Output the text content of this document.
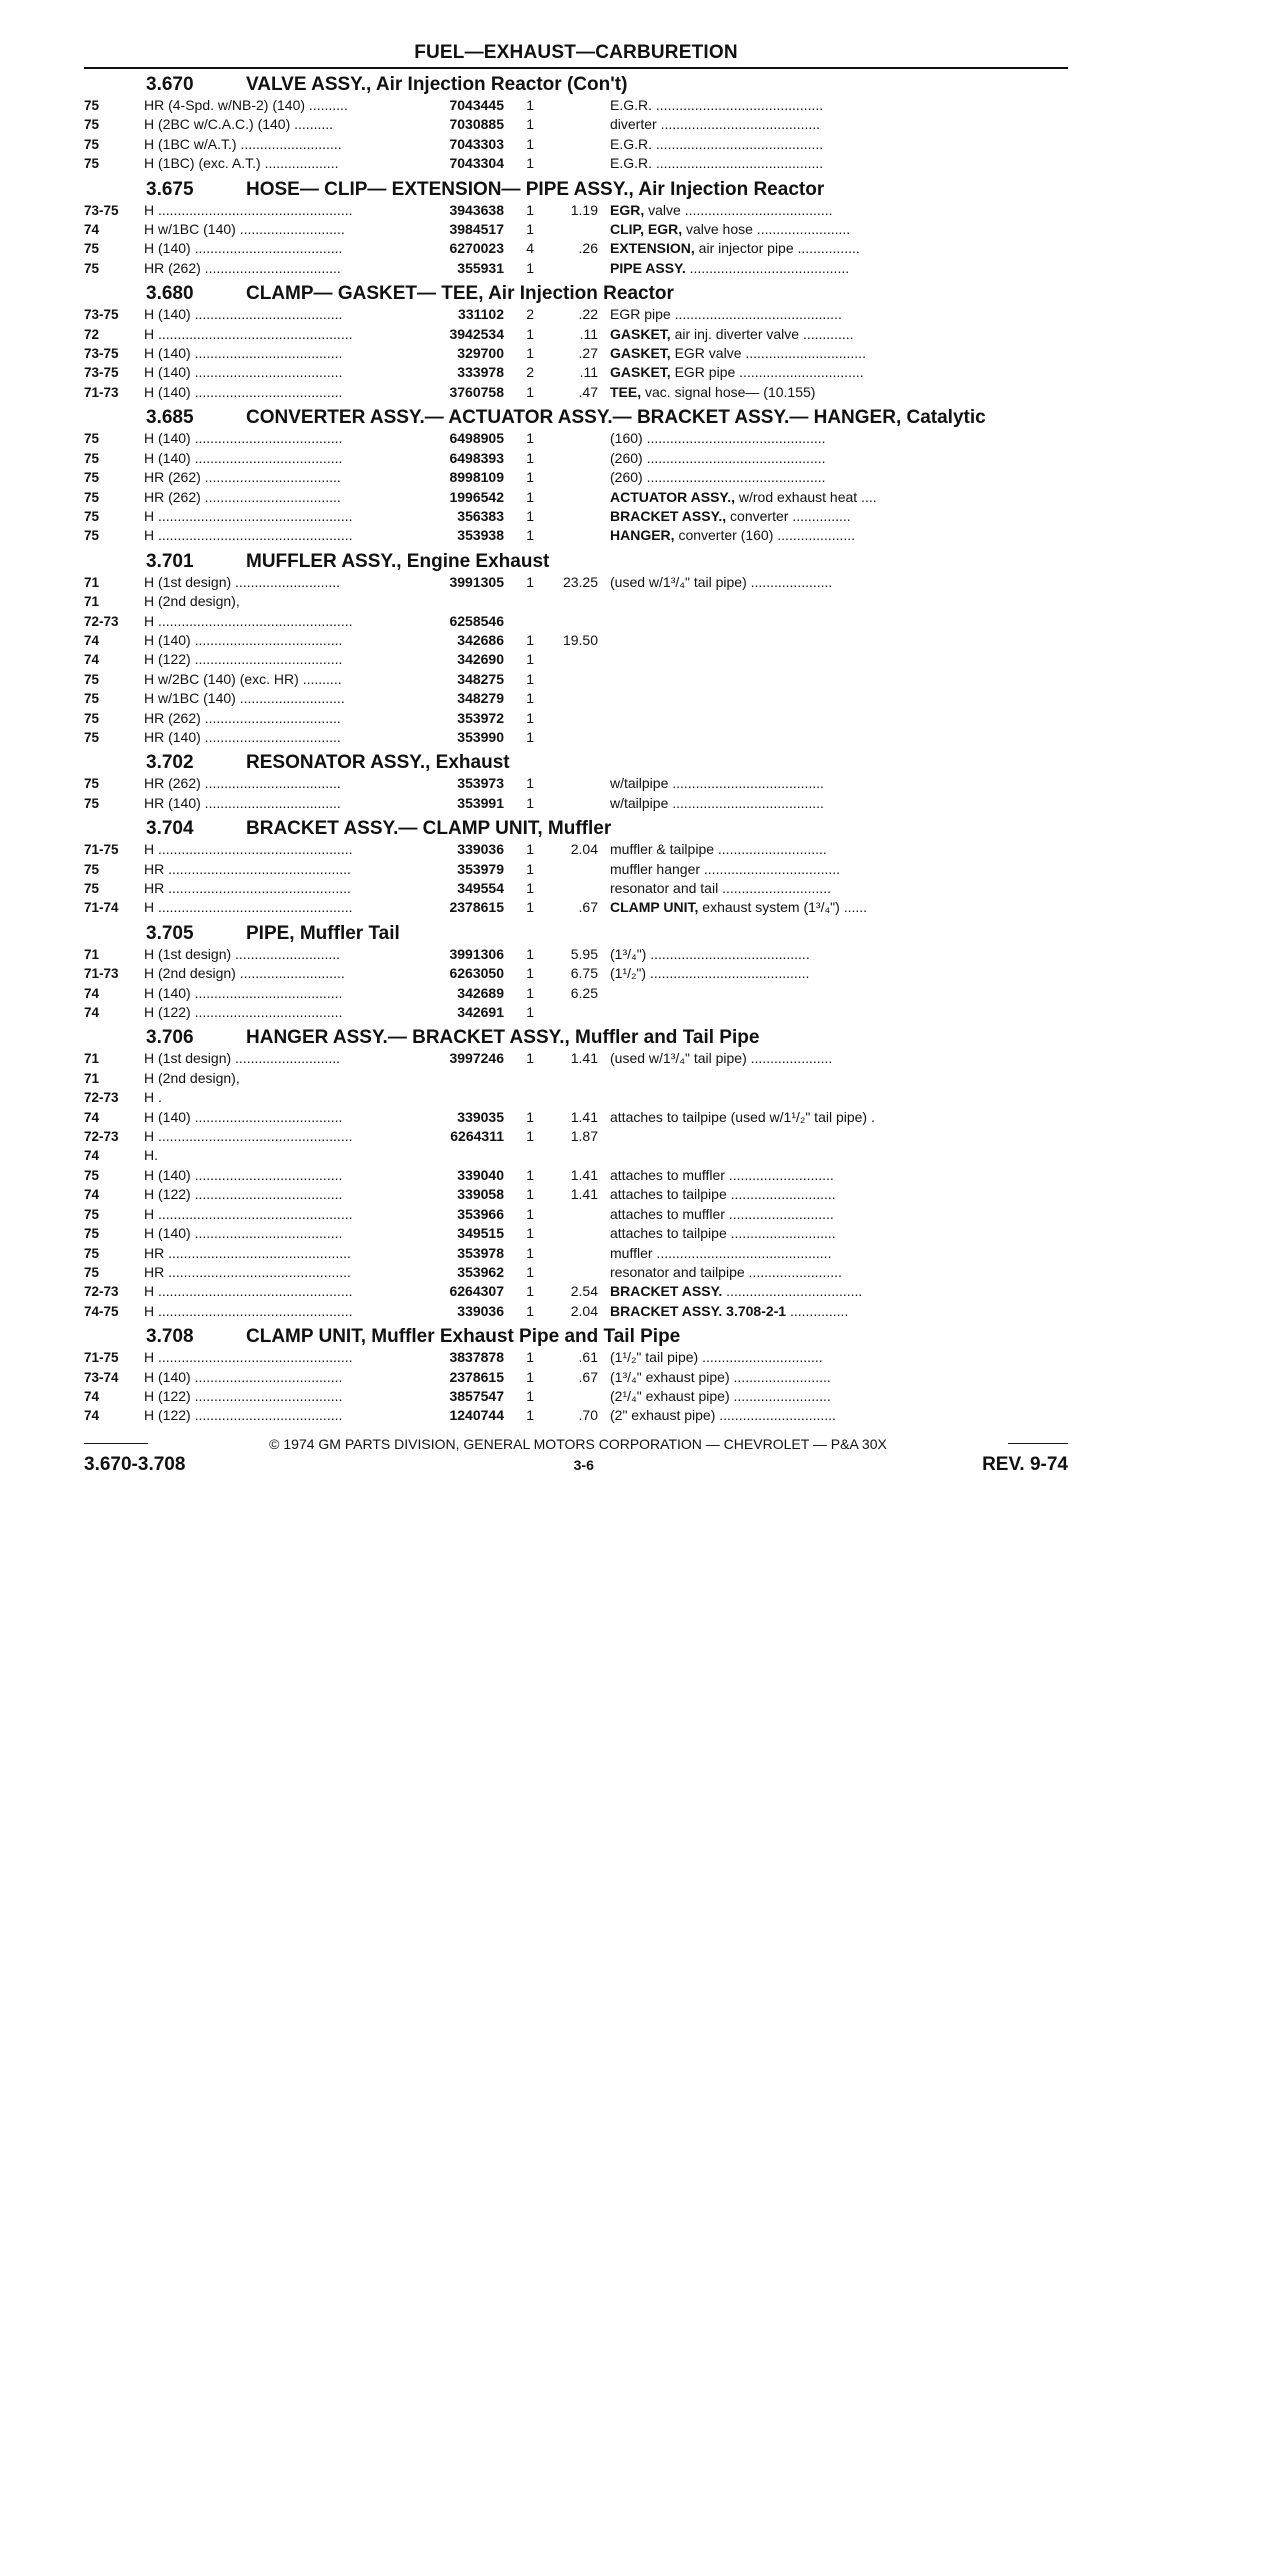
FUEL—EXHAUST—CARBURETION
3.670	VALVE ASSY., Air Injection Reactor (Con't)
75	HR (4-Spd. w/NB-2) (140) ..........	7043445	1	E.G.R. ...........................................
75	H (2BC w/C.A.C.) (140) ..........	7030885	1	diverter .........................................
75	H (1BC w/A.T.) ..........................	7043303	1	E.G.R. ...........................................
75	H (1BC) (exc. A.T.) ...................	7043304	1	E.G.R. ...........................................
3.675	HOSE— CLIP— EXTENSION— PIPE ASSY., Air Injection Reactor
73-75	H ..................................................	3943638	1	1.19 EGR, valve ......................................
74	H w/1BC (140) ...........................	3984517	1	CLIP, EGR, valve hose ........................
75	H (140) ......................................	6270023	4	.26 EXTENSION, air injector pipe ................
75	HR (262) ...................................	355931	1	PIPE ASSY. .........................................
3.680	CLAMP— GASKET— TEE, Air Injection Reactor
73-75	H (140) ......................................	331102	2	.22 EGR pipe ...........................................
72	H ..................................................	3942534	1	.11 GASKET, air inj. diverter valve .............
73-75	H (140) ......................................	329700	1	.27 GASKET, EGR valve ...............................
73-75	H (140) ......................................	333978	2	.11 GASKET, EGR pipe ................................
71-73	H (140) ......................................	3760758	1	.47 TEE, vac. signal hose— (10.155)
3.685	CONVERTER ASSY.— ACTUATOR ASSY.— BRACKET ASSY.— HANGER, Catalytic
75	H (140) ......................................	6498905	1	(160) ..............................................
75	H (140) ......................................	6498393	1	(260) ..............................................
75	HR (262) ...................................	8998109	1	(260) ..............................................
75	HR (262) ...................................	1996542	1	ACTUATOR ASSY., w/rod exhaust heat ....
75	H ..................................................	356383	1	BRACKET ASSY., converter ...............
75	H ..................................................	353938	1	HANGER, converter (160) ....................
3.701	MUFFLER ASSY., Engine Exhaust
71	H (1st design) ...........................	3991305	1	23.25 (used w/1³/₄" tail pipe) .....................
71	H (2nd design),
72-73	H ..................................................	6258546
74	H (140) ......................................	342686	1	19.50
74	H (122) ......................................	342690	1
75	H w/2BC (140) (exc. HR) ..........	348275	1
75	H w/1BC (140) ...........................	348279	1
75	HR (262) ...................................	353972	1
75	HR (140) ...................................	353990	1
3.702	RESONATOR ASSY., Exhaust
75	HR (262) ...................................	353973	1	w/tailpipe .......................................
75	HR (140) ...................................	353991	1	w/tailpipe .......................................
3.704	BRACKET ASSY.— CLAMP UNIT, Muffler
71-75	H ..................................................	339036	1	2.04 muffler & tailpipe ............................
75	HR ...............................................	353979	1	muffler hanger ...................................
75	HR ...............................................	349554	1	resonator and tail ............................
71-74	H ..................................................	2378615	1	.67 CLAMP UNIT, exhaust system (1³/₄") ......
3.705	PIPE, Muffler Tail
71	H (1st design) ...........................	3991306	1	5.95 (1³/₄") .........................................
71-73	H (2nd design) ...........................	6263050	1	6.75 (1¹/₂") .........................................
74	H (140) ......................................	342689	1	6.25
74	H (122) ......................................	342691	1
3.706	HANGER ASSY.— BRACKET ASSY., Muffler and Tail Pipe
71	H (1st design) ...........................	3997246	1	1.41 (used w/1³/₄" tail pipe) .....................
71	H (2nd design),
72-73	H .
74	H (140) ......................................	339035	1	1.41 attaches to tailpipe (used w/1¹/₂" tail pipe) .
72-73	H ..................................................	6264311	1	1.87
74	H.
75	H (140) ......................................	339040	1	1.41 attaches to muffler ...........................
74	H (122) ......................................	339058	1	1.41 attaches to tailpipe ...........................
75	H ..................................................	353966	1	attaches to muffler ...........................
75	H (140) ......................................	349515	1	attaches to tailpipe ...........................
75	HR ...............................................	353978	1	muffler .............................................
75	HR ...............................................	353962	1	resonator and tailpipe ........................
72-73	H ..................................................	6264307	1	2.54 BRACKET ASSY. ...................................
74-75	H ..................................................	339036	1	2.04 BRACKET ASSY. 3.708-2-1 ...............
3.708	CLAMP UNIT, Muffler Exhaust Pipe and Tail Pipe
71-75	H ..................................................	3837878	1	.61 (1¹/₂" tail pipe) ...............................
73-74	H (140) ......................................	2378615	1	.67 (1³/₄" exhaust pipe) .........................
74	H (122) ......................................	3857547	1	(2¹/₄" exhaust pipe) .........................
74	H (122) ......................................	1240744	1	.70 (2" exhaust pipe) ..............................
© 1974 GM PARTS DIVISION, GENERAL MOTORS CORPORATION — CHEVROLET — P&A 30X
3.670-3.708	3-6	REV. 9-74
